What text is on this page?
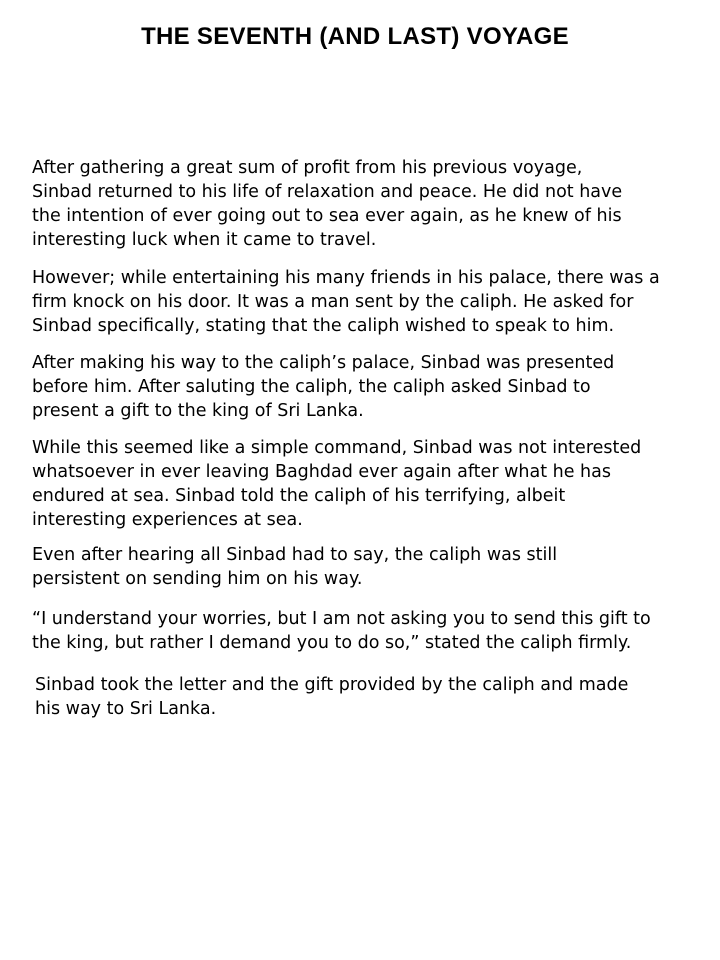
THE SEVENTH (AND LAST) VOYAGE

After gathering a great sum of profit from his previous voyage,
Sinbad returned to his life of relaxation and peace. He did not have
the intention of ever going out to sea ever again, as he knew of his
interesting luck when it came to travel.

However; while entertaining his many friends in his palace, there was a
firm knock on his door. It was a man sent by the caliph. He asked for
Sinbad specifically, stating that the caliph wished to speak to him.

After making his way to the caliph’s palace, Sinbad was presented
before him. After saluting the caliph, the caliph asked Sinbad to
present a gift to the king of Sri Lanka.

While this seemed like a simple command, Sinbad was not interested
whatsoever in ever leaving Baghdad ever again after what he has
endured at sea. Sinbad told the caliph of his terrifying, albeit
interesting experiences at sea.

Even after hearing all Sinbad had to say, the caliph was still
persistent on sending him on his way.

“I understand your worries, but I am not asking you to send this gift to
the king, but rather I demand you to do so,” stated the caliph firmly.

Sinbad took the letter and the gift provided by the caliph and made
his way to Sri Lanka.
